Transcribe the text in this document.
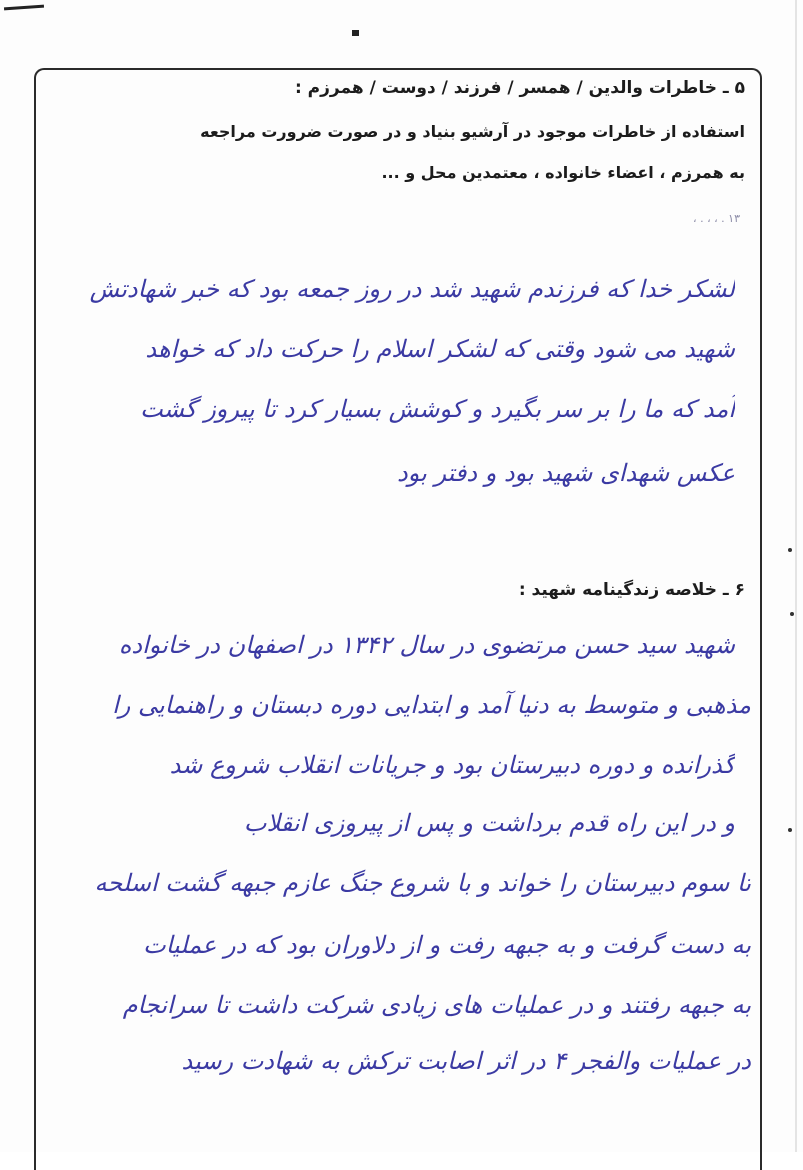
۵ ـ خاطرات والدین / همسر / فرزند / دوست / همرزم :
استفاده از خاطرات موجود در آرشیو بنیاد و در صورت ضرورت مراجعه
به همرزم ، اعضاء خانواده ، معتمدین محل و ...
۱۳ . ، ، . ،
لشکر خدا که فرزندم شهید شد در روز جمعه بود که خبر شهادتش
شهید می شود وقتی که لشکر اسلام را حرکت داد که خواهد
آمد که ما را بر سر بگیرد و کوشش بسیار کرد تا پیروز گشت
عکس شهدای شهید بود و دفتر بود
۶ ـ خلاصه زندگینامه شهید :
شهید سید حسن مرتضوی در سال ۱۳۴۲ در اصفهان در خانواده
مذهبی و متوسط به دنیا آمد و ابتدایی دوره دبستان و راهنمایی را
گذرانده و دوره دبیرستان بود و جریانات انقلاب شروع شد
و در این راه قدم برداشت و پس از پیروزی انقلاب
تا سوم دبیرستان را خواند و با شروع جنگ عازم جبهه گشت اسلحه
به دست گرفت و به جبهه رفت و از دلاوران بود که در عملیات
به جبهه رفتند و در عملیات های زیادی شرکت داشت تا سرانجام
در عملیات والفجر ۴ در اثر اصابت ترکش به شهادت رسید
